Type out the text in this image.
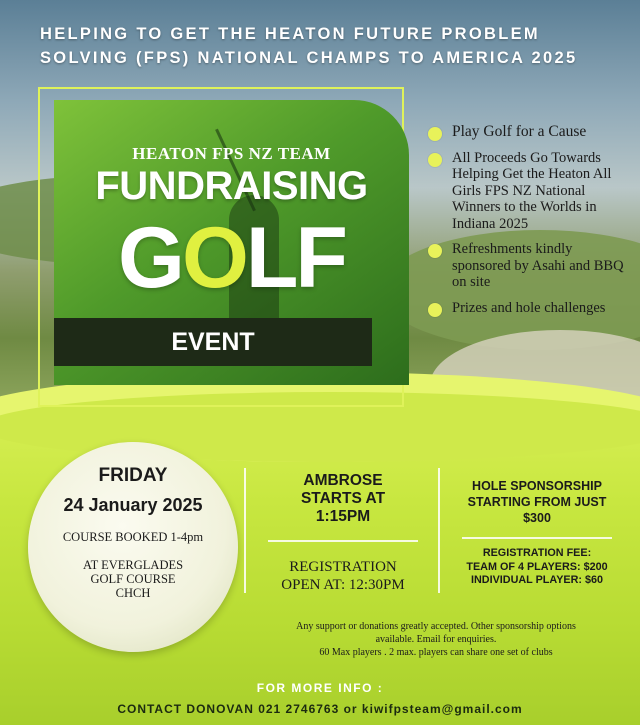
HELPING TO GET THE HEATON FUTURE PROBLEM
SOLVING (FPS) NATIONAL CHAMPS TO AMERICA 2025
HEATON FPS NZ TEAM
FUNDRAISING
GOLF
EVENT
Play Golf for a Cause
All Proceeds Go Towards Helping Get the Heaton All Girls FPS NZ National Winners to the Worlds in Indiana 2025
Refreshments kindly sponsored by Asahi and BBQ on site
Prizes and hole challenges
FRIDAY
24 January 2025
COURSE BOOKED 1-4pm
AT EVERGLADES
GOLF COURSE
CHCH
AMBROSE
STARTS AT
1:15PM
REGISTRATION
OPEN AT: 12:30PM
HOLE SPONSORSHIP
STARTING FROM JUST
$300
REGISTRATION FEE:
TEAM OF 4 PLAYERS: $200
INDIVIDUAL PLAYER: $60
Any support or donations greatly accepted. Other sponsorship options
available. Email for enquiries.
60 Max players . 2 max. players can share one set of clubs
FOR MORE INFO :
CONTACT DONOVAN 021 2746763 or kiwifpsteam@gmail.com
